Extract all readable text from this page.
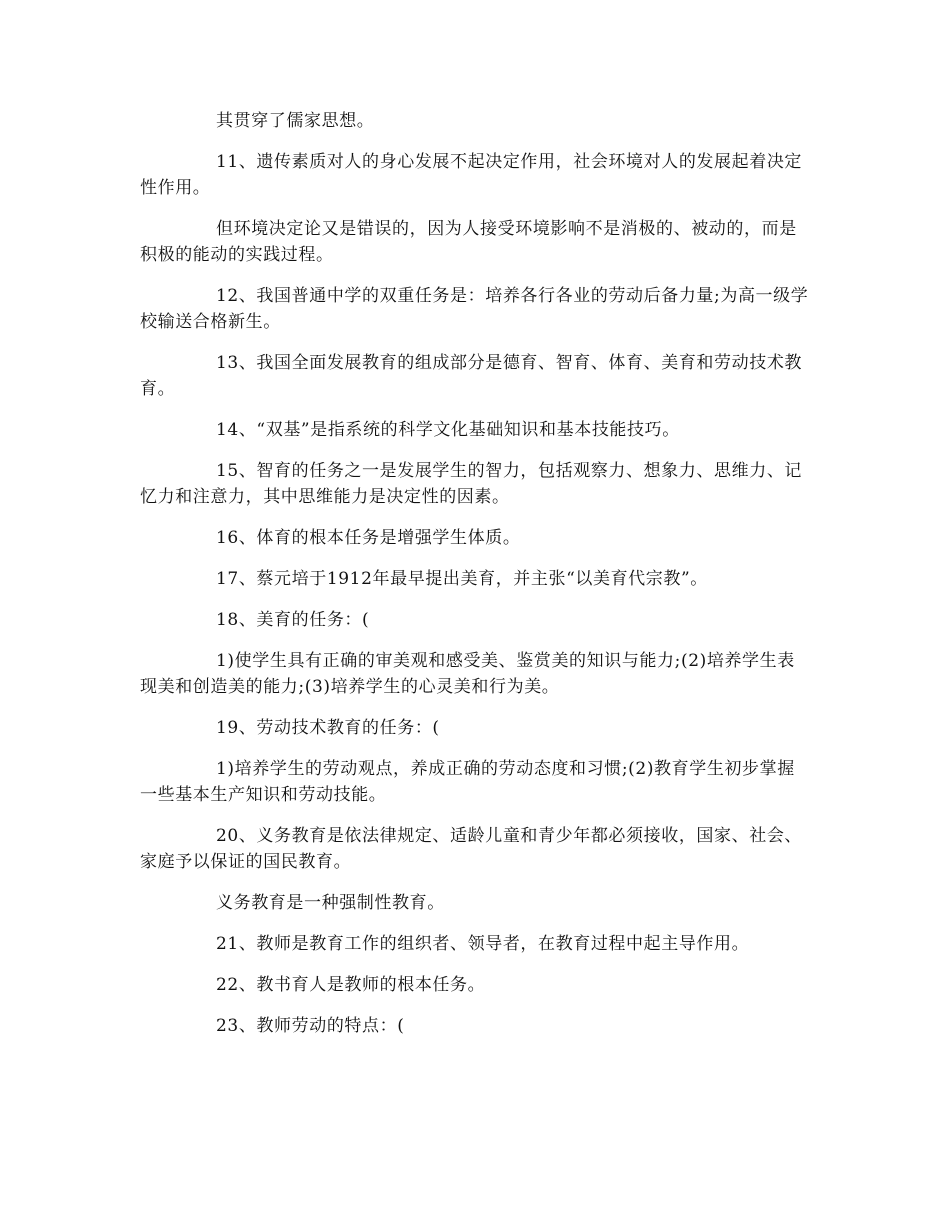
其贯穿了儒家思想。

11、遗传素质对人的身心发展不起决定作用，社会环境对人的发展起着决定性作用。

但环境决定论又是错误的，因为人接受环境影响不是消极的、被动的，而是积极的能动的实践过程。

12、我国普通中学的双重任务是：培养各行各业的劳动后备力量;为高一级学校输送合格新生。

13、我国全面发展教育的组成部分是德育、智育、体育、美育和劳动技术教育。

14、“双基”是指系统的科学文化基础知识和基本技能技巧。

15、智育的任务之一是发展学生的智力，包括观察力、想象力、思维力、记忆力和注意力，其中思维能力是决定性的因素。

16、体育的根本任务是增强学生体质。

17、蔡元培于1912年最早提出美育，并主张“以美育代宗教”。

18、美育的任务：(

1)使学生具有正确的审美观和感受美、鉴赏美的知识与能力;(2)培养学生表现美和创造美的能力;(3)培养学生的心灵美和行为美。

19、劳动技术教育的任务：(

1)培养学生的劳动观点，养成正确的劳动态度和习惯;(2)教育学生初步掌握一些基本生产知识和劳动技能。

20、义务教育是依法律规定、适龄儿童和青少年都必须接收，国家、社会、家庭予以保证的国民教育。

义务教育是一种强制性教育。

21、教师是教育工作的组织者、领导者，在教育过程中起主导作用。

22、教书育人是教师的根本任务。

23、教师劳动的特点：(
